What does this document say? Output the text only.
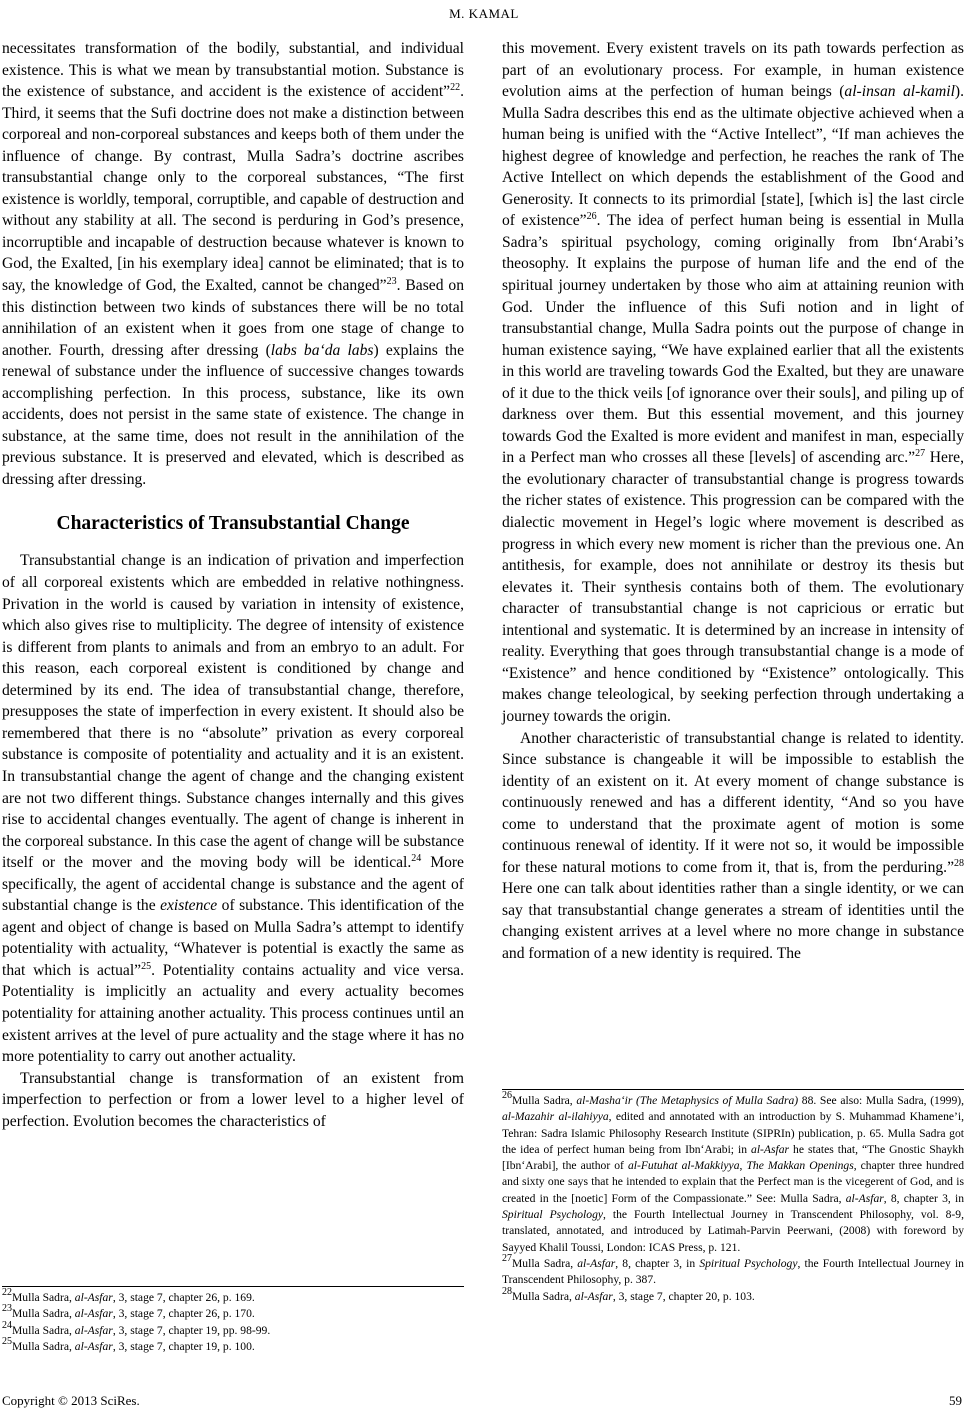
M. KAMAL

necessitates transformation of the bodily, substantial, and individual existence. This is what we mean by transubstantial motion. Substance is the existence of substance, and accident is the existence of accident”$^{22}$. Third, it seems that the Sufi doctrine does not make a distinction between corporeal and non-corporeal substances and keeps both of them under the influence of change. By contrast, Mulla Sadra’s doctrine ascribes transubstantial change only to the corporeal substances, “The first existence is worldly, temporal, corruptible, and capable of destruction and without any stability at all. The second is perduring in God’s presence, incorruptible and incapable of destruction because whatever is known to God, the Exalted, [in his exemplary idea] cannot be eliminated; that is to say, the knowledge of God, the Exalted, cannot be changed”$^{23}$. Based on this distinction between two kinds of substances there will be no total annihilation of an existent when it goes from one stage of change to another. Fourth, dressing after dressing (labs ba‘da labs) explains the renewal of substance under the influence of successive changes towards accomplishing perfection. In this process, substance, like its own accidents, does not persist in the same state of existence. The change in substance, at the same time, does not result in the annihilation of the previous substance. It is preserved and elevated, which is described as dressing after dressing.

Characteristics of Transubstantial Change

Transubstantial change is an indication of privation and imperfection of all corporeal existents which are embedded in relative nothingness. Privation in the world is caused by variation in intensity of existence, which also gives rise to multiplicity. The degree of intensity of existence is different from plants to animals and from an embryo to an adult. For this reason, each corporeal existent is conditioned by change and determined by its end. The idea of transubstantial change, therefore, presupposes the state of imperfection in every existent. It should also be remembered that there is no “absolute” privation as every corporeal substance is composite of potentiality and actuality and it is an existent. In transubstantial change the agent of change and the changing existent are not two different things. Substance changes internally and this gives rise to accidental changes eventually. The agent of change is inherent in the corporeal substance. In this case the agent of change will be substance itself or the mover and the moving body will be identical.$^{24}$ More specifically, the agent of accidental change is substance and the agent of substantial change is the existence of substance. This identification of the agent and object of change is based on Mulla Sadra’s attempt to identify potentiality with actuality, “Whatever is potential is exactly the same as that which is actual”$^{25}$. Potentiality contains actuality and vice versa. Potentiality is implicitly an actuality and every actuality becomes potentiality for attaining another actuality. This process continues until an existent arrives at the level of pure actuality and the stage where it has no more potentiality to carry out another actuality.

Transubstantial change is transformation of an existent from imperfection to perfection or from a lower level to a higher level of perfection. Evolution becomes the characteristics of

$^{22}$Mulla Sadra, al-Asfar, 3, stage 7, chapter 26, p. 169.

$^{23}$Mulla Sadra, al-Asfar, 3, stage 7, chapter 26, p. 170.

$^{24}$Mulla Sadra, al-Asfar, 3, stage 7, chapter 19, pp. 98-99.

$^{25}$Mulla Sadra, al-Asfar, 3, stage 7, chapter 19, p. 100.

this movement. Every existent travels on its path towards perfection as part of an evolutionary process. For example, in human existence evolution aims at the perfection of human beings (al-insan al-kamil). Mulla Sadra describes this end as the ultimate objective achieved when a human being is unified with the “Active Intellect”, “If man achieves the highest degree of knowledge and perfection, he reaches the rank of The Active Intellect on which depends the establishment of the Good and Generosity. It connects to its primordial [state], [which is] the last circle of existence”$^{26}$. The idea of perfect human being is essential in Mulla Sadra’s spiritual psychology, coming originally from Ibn‘Arabi’s theosophy. It explains the purpose of human life and the end of the spiritual journey undertaken by those who aim at attaining reunion with God. Under the influence of this Sufi notion and in light of transubstantial change, Mulla Sadra points out the purpose of change in human existence saying, “We have explained earlier that all the existents in this world are traveling towards God the Exalted, but they are unaware of it due to the thick veils [of ignorance over their souls], and piling up of darkness over them. But this essential movement, and this journey towards God the Exalted is more evident and manifest in man, especially in a Perfect man who crosses all these [levels] of ascending arc.”$^{27}$ Here, the evolutionary character of transubstantial change is progress towards the richer states of existence. This progression can be compared with the dialectic movement in Hegel’s logic where movement is described as progress in which every new moment is richer than the previous one. An antithesis, for example, does not annihilate or destroy its thesis but elevates it. Their synthesis contains both of them. The evolutionary character of transubstantial change is not capricious or erratic but intentional and systematic. It is determined by an increase in intensity of reality. Everything that goes through transubstantial change is a mode of “Existence” and hence conditioned by “Existence” ontologically. This makes change teleological, by seeking perfection through undertaking a journey towards the origin.

Another characteristic of transubstantial change is related to identity. Since substance is changeable it will be impossible to establish the identity of an existent on it. At every moment of change substance is continuously renewed and has a different identity, “And so you have come to understand that the proximate agent of motion is some continuous renewal of identity. If it were not so, it would be impossible for these natural motions to come from it, that is, from the perduring.”$^{28}$ Here one can talk about identities rather than a single identity, or we can say that transubstantial change generates a stream of identities until the changing existent arrives at a level where no more change in substance and formation of a new identity is required. The

$^{26}$Mulla Sadra, al-Masha‘ir (The Metaphysics of Mulla Sadra) 88. See also: Mulla Sadra, (1999), al-Mazahir al-ilahiyya, edited and annotated with an introduction by S. Muhammad Khamene’i, Tehran: Sadra Islamic Philosophy Research Institute (SIPRIn) publication, p. 65. Mulla Sadra got the idea of perfect human being from Ibn‘Arabi; in al-Asfar he states that, “The Gnostic Shaykh [Ibn‘Arabi], the author of al-Futuhat al-Makkiyya, The Makkan Openings, chapter three hundred and sixty one says that he intended to explain that the Perfect man is the vicegerent of God, and is created in the [noetic] Form of the Compassionate.” See: Mulla Sadra, al-Asfar, 8, chapter 3, in Spiritual Psychology, the Fourth Intellectual Journey in Transcendent Philosophy, vol. 8-9, translated, annotated, and introduced by Latimah-Parvin Peerwani, (2008) with foreword by Sayyed Khalil Toussi, London: ICAS Press, p. 121.

$^{27}$Mulla Sadra, al-Asfar, 8, chapter 3, in Spiritual Psychology, the Fourth Intellectual Journey in Transcendent Philosophy, p. 387.

$^{28}$Mulla Sadra, al-Asfar, 3, stage 7, chapter 20, p. 103.

Copyright © 2013 SciRes.	59
